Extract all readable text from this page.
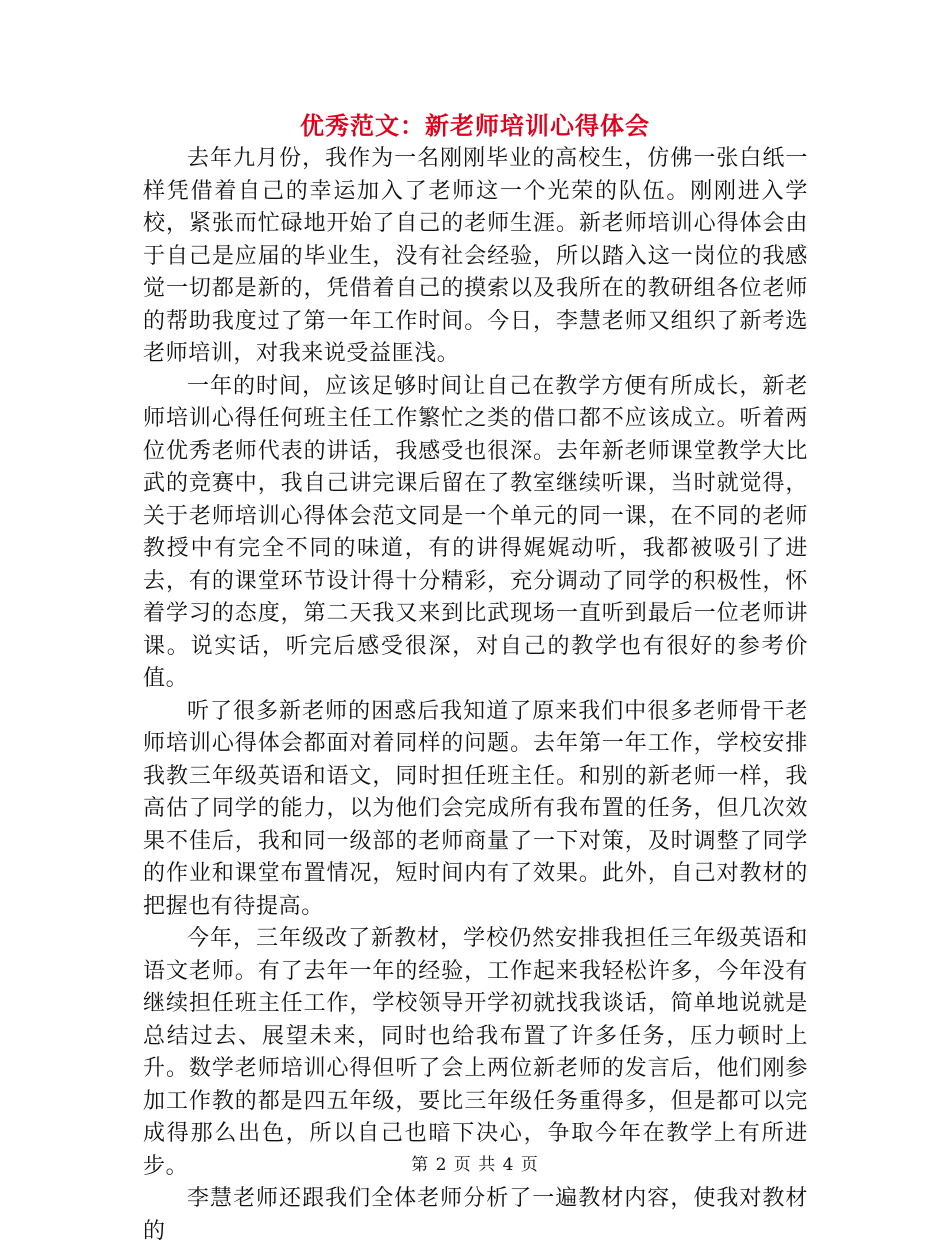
优秀范文：新老师培训心得体会

去年九月份，我作为一名刚刚毕业的高校生，仿佛一张白纸一样凭借着自己的幸运加入了老师这一个光荣的队伍。刚刚进入学校，紧张而忙碌地开始了自己的老师生涯。新老师培训心得体会由于自己是应届的毕业生，没有社会经验，所以踏入这一岗位的我感觉一切都是新的，凭借着自己的摸索以及我所在的教研组各位老师的帮助我度过了第一年工作时间。今日，李慧老师又组织了新考选老师培训，对我来说受益匪浅。

一年的时间，应该足够时间让自己在教学方便有所成长，新老师培训心得任何班主任工作繁忙之类的借口都不应该成立。听着两位优秀老师代表的讲话，我感受也很深。去年新老师课堂教学大比武的竞赛中，我自己讲完课后留在了教室继续听课，当时就觉得，关于老师培训心得体会范文同是一个单元的同一课，在不同的老师教授中有完全不同的味道，有的讲得娓娓动听，我都被吸引了进去，有的课堂环节设计得十分精彩，充分调动了同学的积极性，怀着学习的态度，第二天我又来到比武现场一直听到最后一位老师讲课。说实话，听完后感受很深，对自己的教学也有很好的参考价值。

听了很多新老师的困惑后我知道了原来我们中很多老师骨干老师培训心得体会都面对着同样的问题。去年第一年工作，学校安排我教三年级英语和语文，同时担任班主任。和别的新老师一样，我高估了同学的能力，以为他们会完成所有我布置的任务，但几次效果不佳后，我和同一级部的老师商量了一下对策，及时调整了同学的作业和课堂布置情况，短时间内有了效果。此外，自己对教材的把握也有待提高。

今年，三年级改了新教材，学校仍然安排我担任三年级英语和语文老师。有了去年一年的经验，工作起来我轻松许多，今年没有继续担任班主任工作，学校领导开学初就找我谈话，简单地说就是总结过去、展望未来，同时也给我布置了许多任务，压力顿时上升。数学老师培训心得但听了会上两位新老师的发言后，他们刚参加工作教的都是四五年级，要比三年级任务重得多，但是都可以完成得那么出色，所以自己也暗下决心，争取今年在教学上有所进步。

李慧老师还跟我们全体老师分析了一遍教材内容，使我对教材的

第 2 页 共 4 页
